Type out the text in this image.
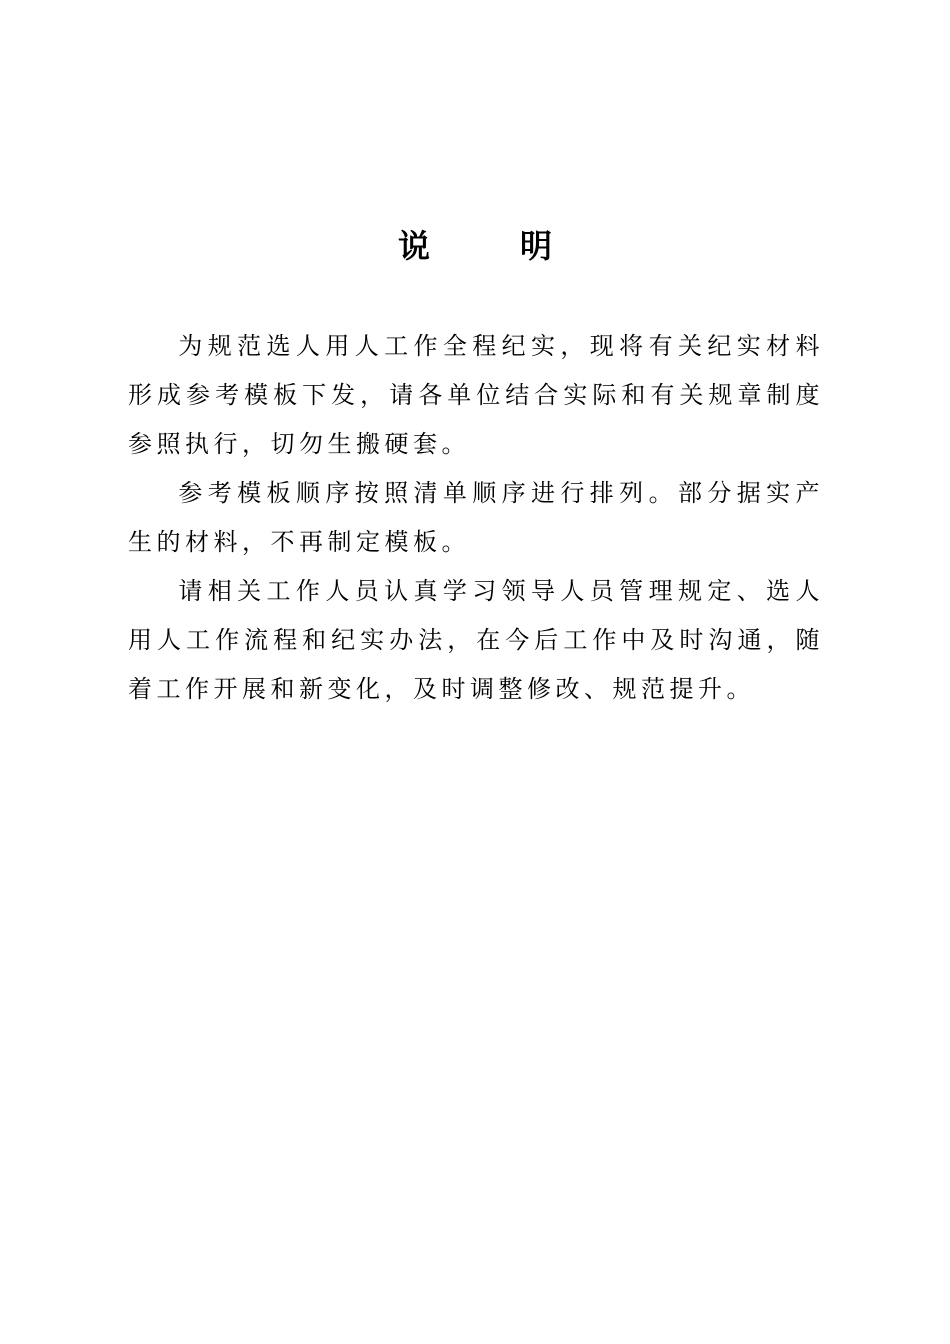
说	明

为规范选人用人工作全程纪实，现将有关纪实材料形成参考模板下发，请各单位结合实际和有关规章制度参照执行，切勿生搬硬套。

参考模板顺序按照清单顺序进行排列。部分据实产生的材料，不再制定模板。

请相关工作人员认真学习领导人员管理规定、选人用人工作流程和纪实办法，在今后工作中及时沟通，随着工作开展和新变化，及时调整修改、规范提升。
